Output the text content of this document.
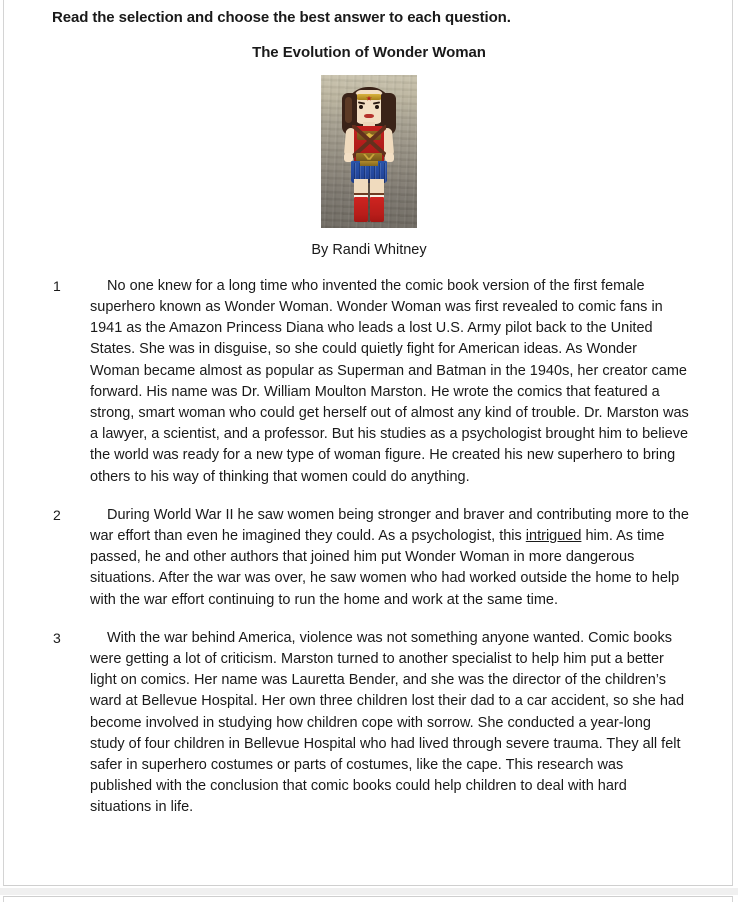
Read the selection and choose the best answer to each question.
The Evolution of Wonder Woman
By Randi Whitney
1	No one knew for a long time who invented the comic book version of the first female superhero known as Wonder Woman. Wonder Woman was first revealed to comic fans in 1941 as the Amazon Princess Diana who leads a lost U.S. Army pilot back to the United States. She was in disguise, so she could quietly fight for American ideas. As Wonder Woman became almost as popular as Superman and Batman in the 1940s, her creator came forward. His name was Dr. William Moulton Marston. He wrote the comics that featured a strong, smart woman who could get herself out of almost any kind of trouble. Dr. Marston was a lawyer, a scientist, and a professor. But his studies as a psychologist brought him to believe the world was ready for a new type of woman figure. He created his new superhero to bring others to his way of thinking that women could do anything.
2	During World War II he saw women being stronger and braver and contributing more to the war effort than even he imagined they could. As a psychologist, this intrigued him. As time passed, he and other authors that joined him put Wonder Woman in more dangerous situations. After the war was over, he saw women who had worked outside the home to help with the war effort continuing to run the home and work at the same time.
3	With the war behind America, violence was not something anyone wanted. Comic books were getting a lot of criticism. Marston turned to another specialist to help him put a better light on comics. Her name was Lauretta Bender, and she was the director of the children’s ward at Bellevue Hospital. Her own three children lost their dad to a car accident, so she had become involved in studying how children cope with sorrow. She conducted a year-long study of four children in Bellevue Hospital who had lived through severe trauma. They all felt safer in superhero costumes or parts of costumes, like the cape. This research was published with the conclusion that comic books could help children to deal with hard situations in life.
